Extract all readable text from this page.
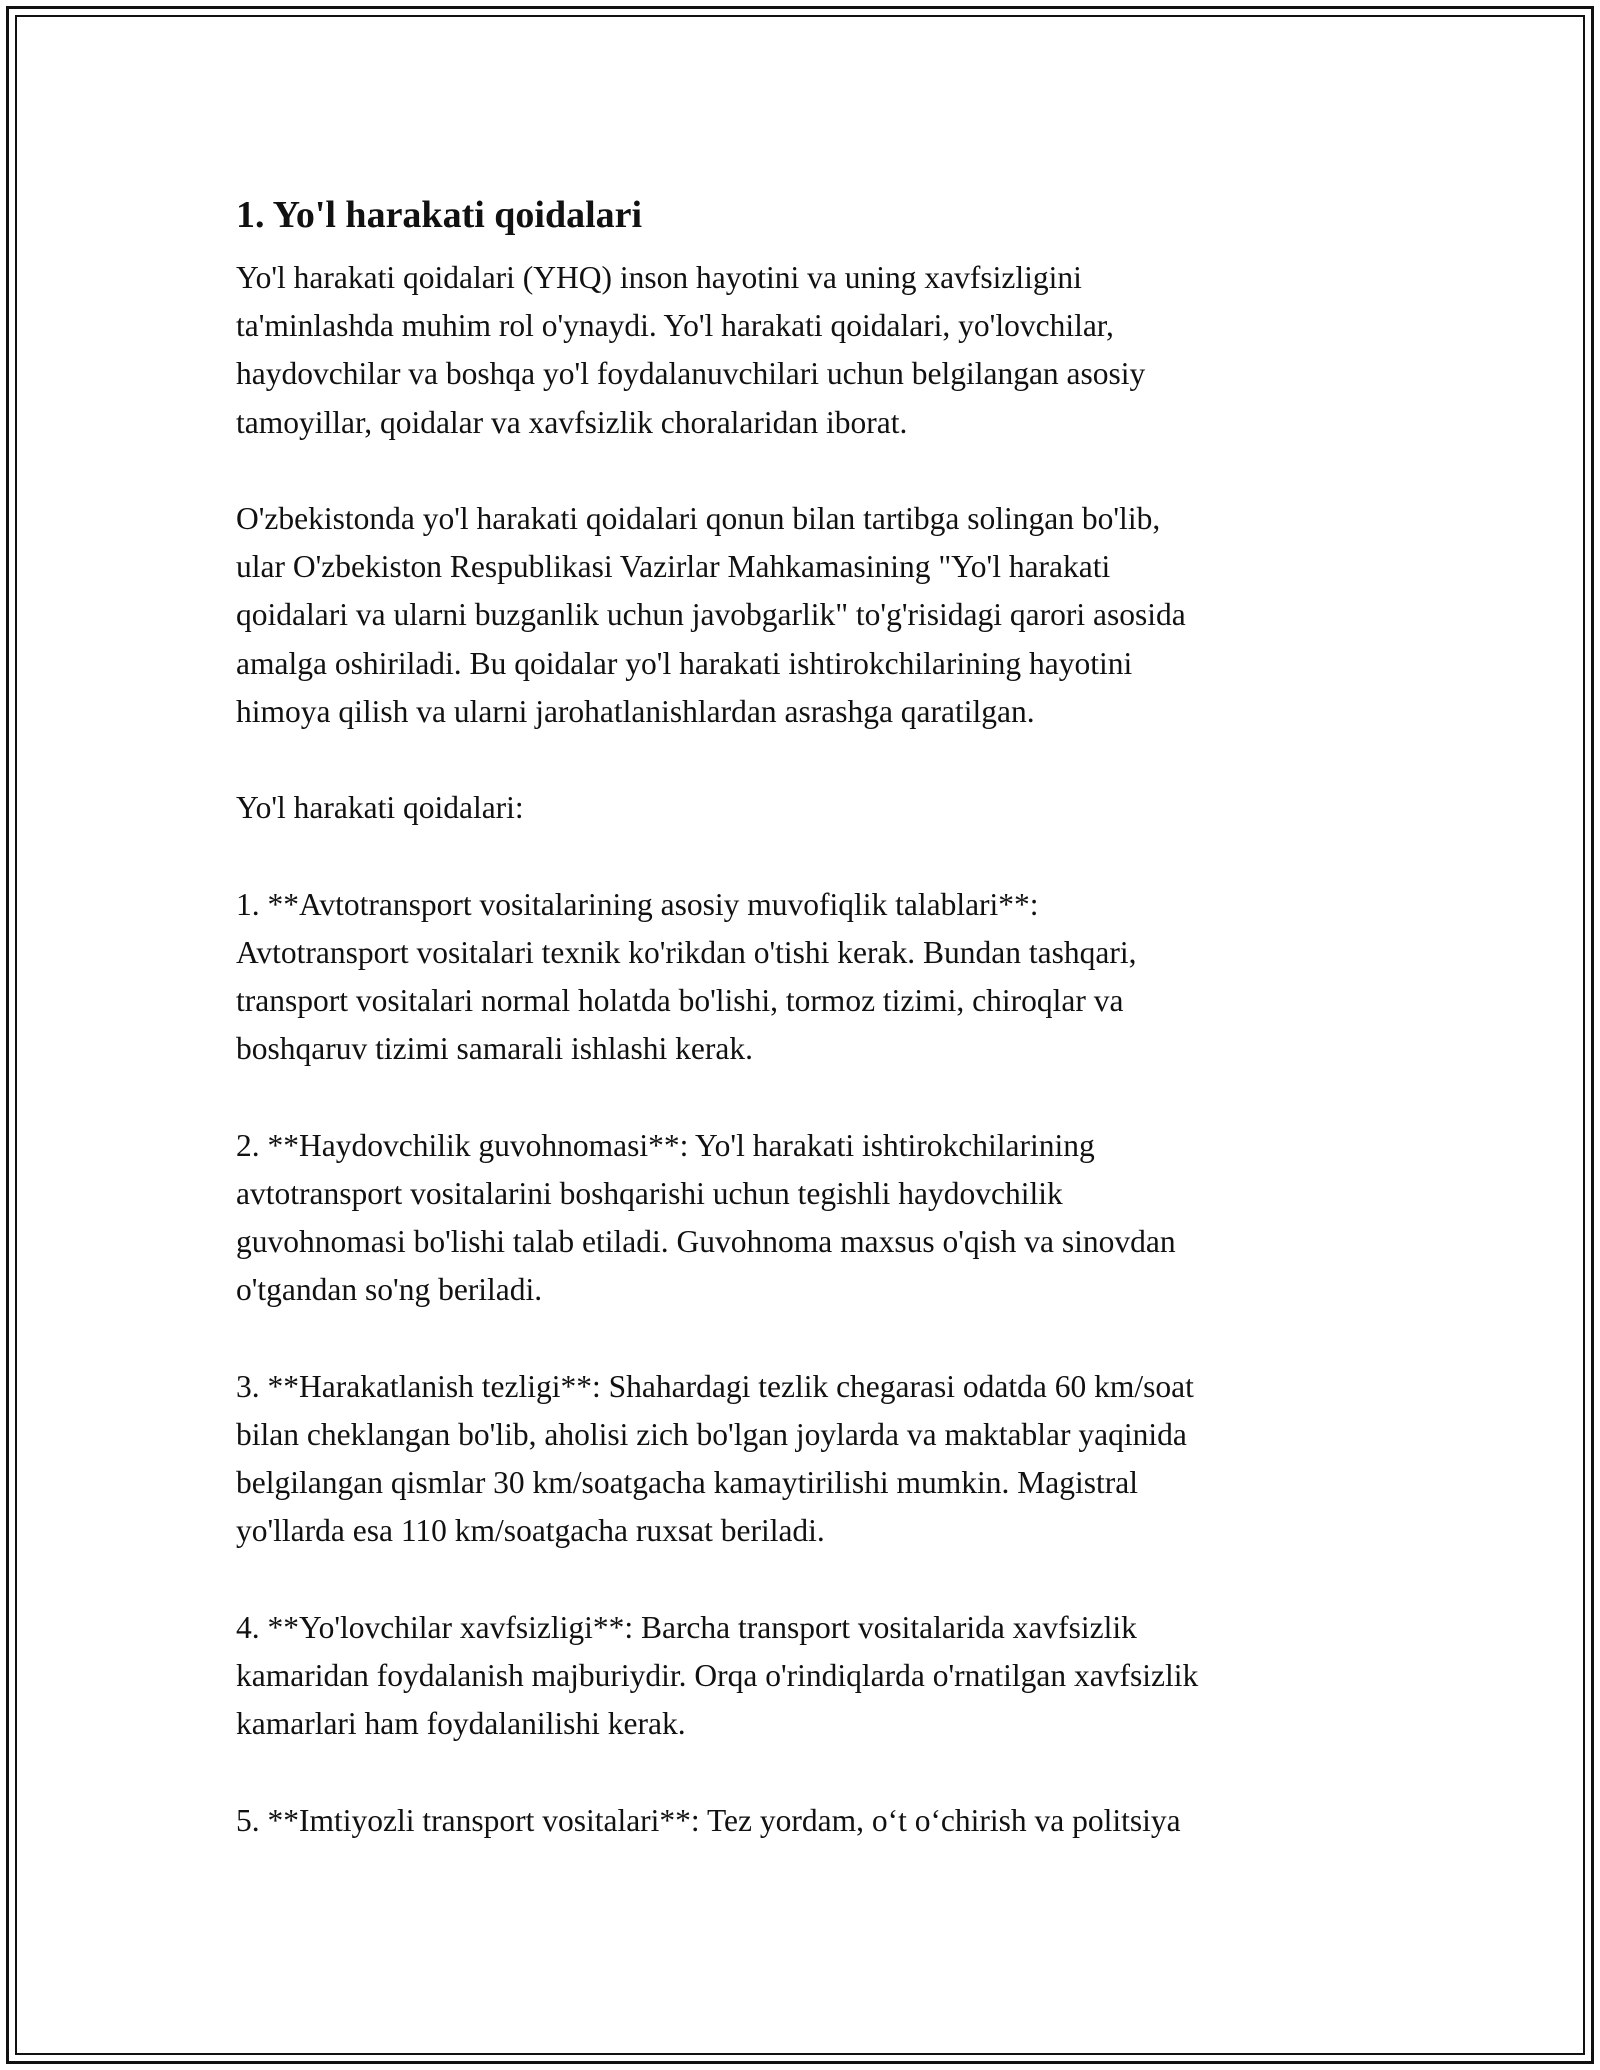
1. Yo'l harakati qoidalari
Yo'l harakati qoidalari (YHQ) inson hayotini va uning xavfsizligini
ta'minlashda muhim rol o'ynaydi. Yo'l harakati qoidalari, yo'lovchilar,
haydovchilar va boshqa yo'l foydalanuvchilari uchun belgilangan asosiy
tamoyillar, qoidalar va xavfsizlik choralaridan iborat.

O'zbekistonda yo'l harakati qoidalari qonun bilan tartibga solingan bo'lib,
ular O'zbekiston Respublikasi Vazirlar Mahkamasining "Yo'l harakati
qoidalari va ularni buzganlik uchun javobgarlik" to'g'risidagi qarori asosida
amalga oshiriladi. Bu qoidalar yo'l harakati ishtirokchilarining hayotini
himoya qilish va ularni jarohatlanishlardan asrashga qaratilgan.

Yo'l harakati qoidalari:

1. **Avtotransport vositalarining asosiy muvofiqlik talablari**:
Avtotransport vositalari texnik ko'rikdan o'tishi kerak. Bundan tashqari,
transport vositalari normal holatda bo'lishi, tormoz tizimi, chiroqlar va
boshqaruv tizimi samarali ishlashi kerak.

2. **Haydovchilik guvohnomasi**: Yo'l harakati ishtirokchilarining
avtotransport vositalarini boshqarishi uchun tegishli haydovchilik
guvohnomasi bo'lishi talab etiladi. Guvohnoma maxsus o'qish va sinovdan
o'tgandan so'ng beriladi.

3. **Harakatlanish tezligi**: Shahardagi tezlik chegarasi odatda 60 km/soat
bilan cheklangan bo'lib, aholisi zich bo'lgan joylarda va maktablar yaqinida
belgilangan qismlar 30 km/soatgacha kamaytirilishi mumkin. Magistral
yo'llarda esa 110 km/soatgacha ruxsat beriladi.

4. **Yo'lovchilar xavfsizligi**: Barcha transport vositalarida xavfsizlik
kamaridan foydalanish majburiydir. Orqa o'rindiqlarda o'rnatilgan xavfsizlik
kamarlari ham foydalanilishi kerak.

5. **Imtiyozli transport vositalari**: Tez yordam, o‘t o‘chirish va politsiya
